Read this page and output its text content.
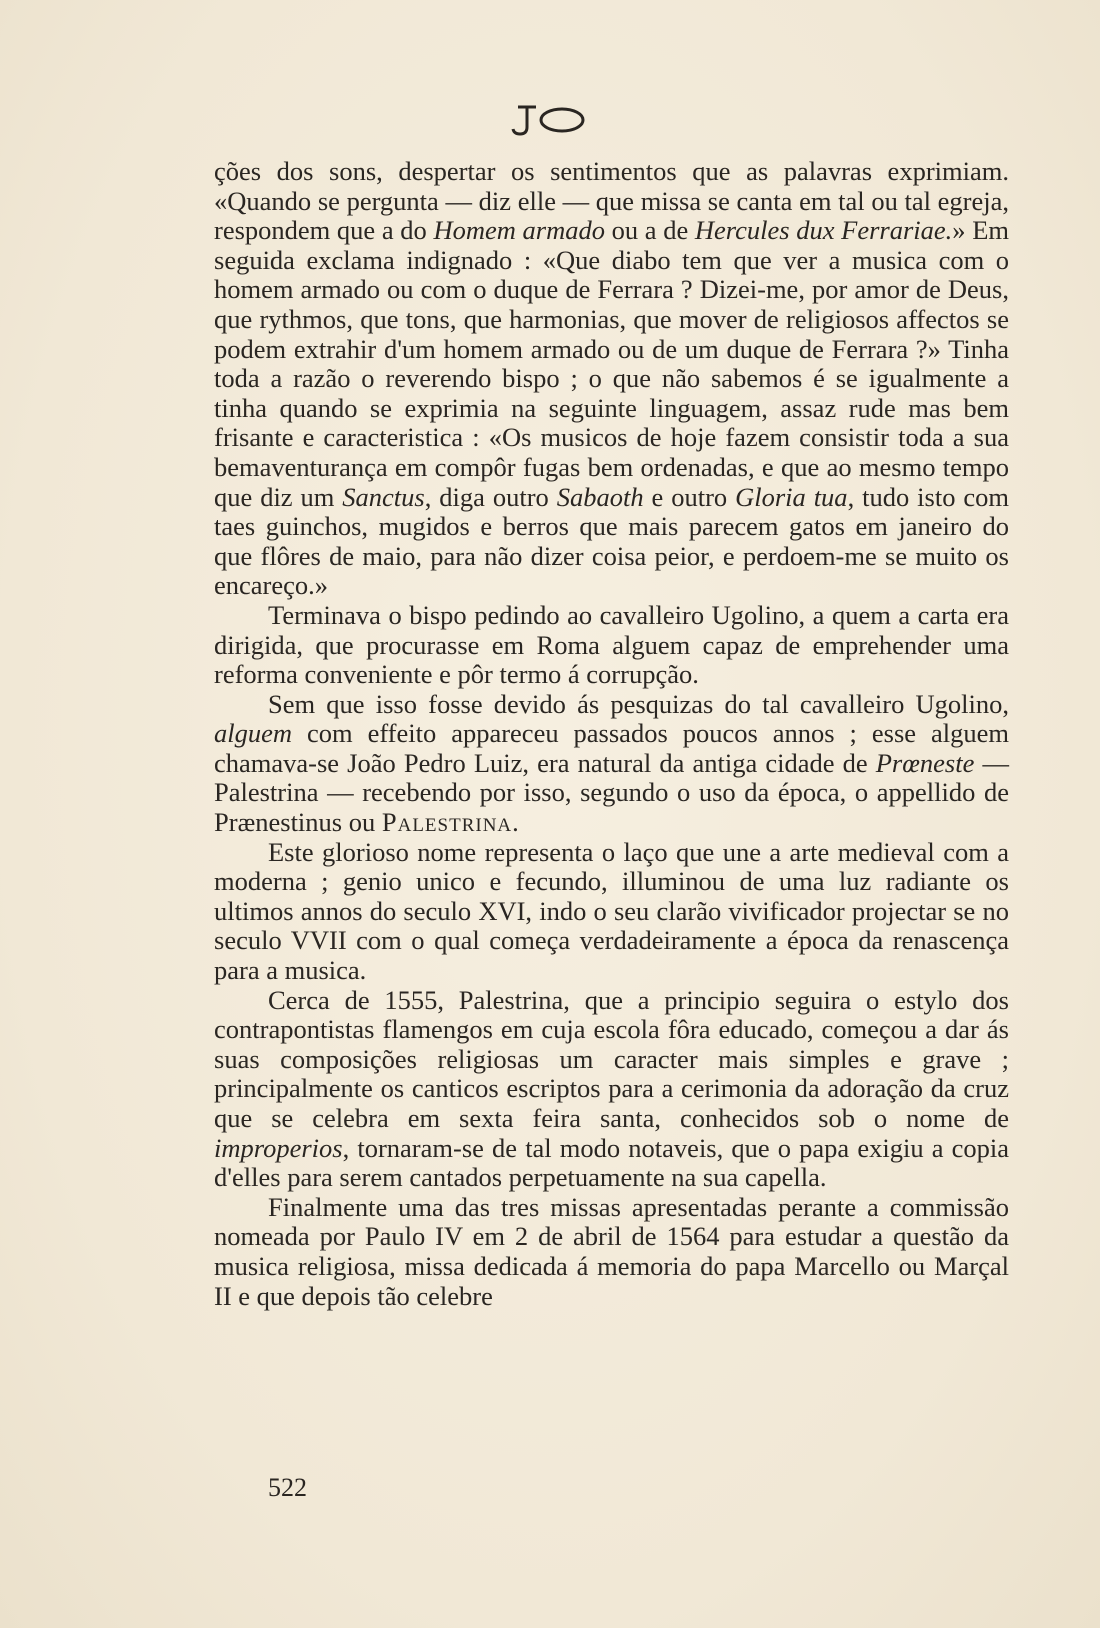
ções dos sons, despertar os sentimentos que as palavras exprimiam. «Quando se pergunta — diz elle — que missa se canta em tal ou tal egreja, respondem que a do Homem armado ou a de Hercules dux Ferrariae.» Em seguida exclama indignado : «Que diabo tem que ver a musica com o homem armado ou com o duque de Ferrara ? Dizei-me, por amor de Deus, que rythmos, que tons, que harmonias, que mover de religiosos affectos se podem extrahir d'um homem armado ou de um duque de Ferrara ?» Tinha toda a razão o reverendo bispo ; o que não sabemos é se igualmente a tinha quando se exprimia na seguinte linguagem, assaz rude mas bem frisante e caracteristica : «Os musicos de hoje fazem consistir toda a sua bemaventurança em compôr fugas bem ordenadas, e que ao mesmo tempo que diz um Sanctus, diga outro Sabaoth e outro Gloria tua, tudo isto com taes guinchos, mugidos e berros que mais parecem gatos em janeiro do que flôres de maio, para não dizer coisa peior, e perdoem-me se muito os encareço.»

Terminava o bispo pedindo ao cavalleiro Ugolino, a quem a carta era dirigida, que procurasse em Roma alguem capaz de emprehender uma reforma conveniente e pôr termo á corrupção.

Sem que isso fosse devido ás pesquizas do tal cavalleiro Ugolino, alguem com effeito appareceu passados poucos annos ; esse alguem chamava-se João Pedro Luiz, era natural da antiga cidade de Prœneste — Palestrina — recebendo por isso, segundo o uso da época, o appellido de Prænestinus ou Palestrina.

Este glorioso nome representa o laço que une a arte medieval com a moderna ; genio unico e fecundo, illuminou de uma luz radiante os ultimos annos do seculo XVI, indo o seu clarão vivificador projectar se no seculo VVII com o qual começa verdadeiramente a época da renascença para a musica.

Cerca de 1555, Palestrina, que a principio seguira o estylo dos contrapontistas flamengos em cuja escola fôra educado, começou a dar ás suas composições religiosas um caracter mais simples e grave ; principalmente os canticos escriptos para a cerimonia da adoração da cruz que se celebra em sexta feira santa, conhecidos sob o nome de improperios, tornaram-se de tal modo notaveis, que o papa exigiu a copia d'elles para serem cantados perpetuamente na sua capella.

Finalmente uma das tres missas apresentadas perante a commissão nomeada por Paulo IV em 2 de abril de 1564 para estudar a questão da musica religiosa, missa dedicada á memoria do papa Marcello ou Marçal II e que depois tão celebre

522
